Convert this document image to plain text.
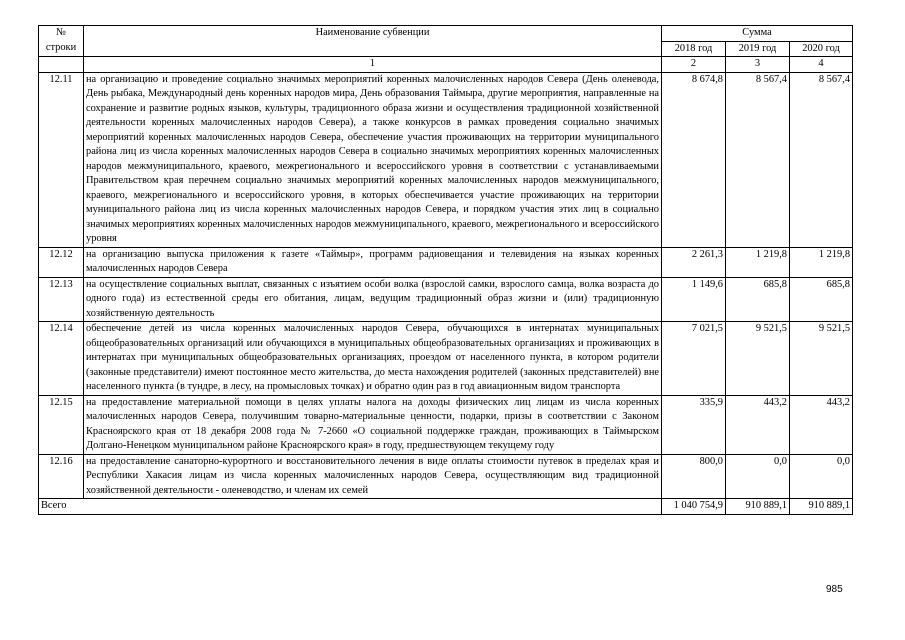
№
строки	Наименование субвенции	Сумма		
		2018 год	2019 год	2020 год
	1	2	3	4
12.11	на организацию и проведение социально значимых мероприятий коренных малочисленных народов Севера (День оленевода, День рыбака, Международный день коренных народов мира, День образования Таймыра, другие мероприятия, направленные на сохранение и развитие родных языков, культуры, традиционного образа жизни и осуществления традиционной хозяйственной деятельности коренных малочисленных народов Севера), а также конкурсов в рамках проведения социально значимых мероприятий коренных малочисленных народов Севера, обеспечение участия проживающих на территории муниципального района лиц из числа коренных малочисленных народов Севера в социально значимых мероприятиях коренных малочисленных народов межмуниципального, краевого, межрегионального и всероссийского уровня в соответствии с устанавливаемыми Правительством края перечнем социально значимых мероприятий коренных малочисленных народов межмуниципального, краевого, межрегионального и всероссийского уровня, в которых обеспечивается участие проживающих на территории муниципального района лиц из числа коренных малочисленных народов Севера, и порядком участия этих лиц в социально значимых мероприятиях коренных малочисленных народов межмуниципального, краевого, межрегионального и всероссийского уровня	8 674,8	8 567,4	8 567,4
12.12	на организацию выпуска приложения к газете «Таймыр», программ радиовещания и телевидения на языках коренных малочисленных народов Севера	2 261,3	1 219,8	1 219,8
12.13	на осуществление социальных выплат, связанных с изъятием особи волка (взрослой самки, взрослого самца, волка возраста до одного года) из естественной среды его обитания, лицам, ведущим традиционный образ жизни и (или) традиционную хозяйственную деятельность	1 149,6	685,8	685,8
12.14	обеспечение детей из числа коренных малочисленных народов Севера, обучающихся в интернатах муниципальных общеобразовательных организаций или обучающихся в муниципальных общеобразовательных организациях и проживающих в интернатах при муниципальных общеобразовательных организациях, проездом от населенного пункта, в котором родители (законные представители) имеют постоянное место жительства, до места нахождения родителей (законных представителей) вне населенного пункта (в тундре, в лесу, на промысловых точках) и обратно один раз в год авиационным видом транспорта	7 021,5	9 521,5	9 521,5
12.15	на предоставление материальной помощи в целях уплаты налога на доходы физических лиц лицам из числа коренных малочисленных народов Севера, получившим товарно-материальные ценности, подарки, призы в соответствии с Законом Красноярского края от 18 декабря 2008 года № 7-2660 «О социальной поддержке граждан, проживающих в Таймырском Долгано-Ненецком муниципальном районе Красноярского края» в году, предшествующем текущему году	335,9	443,2	443,2
12.16	на предоставление санаторно-курортного и восстановительного лечения в виде оплаты стоимости путевок в пределах края и Республики Хакасия лицам из числа коренных малочисленных народов Севера, осуществляющим вид традиционной хозяйственной деятельности - оленеводство, и членам их семей	800,0	0,0	0,0
Всего		1 040 754,9	910 889,1	910 889,1
985
